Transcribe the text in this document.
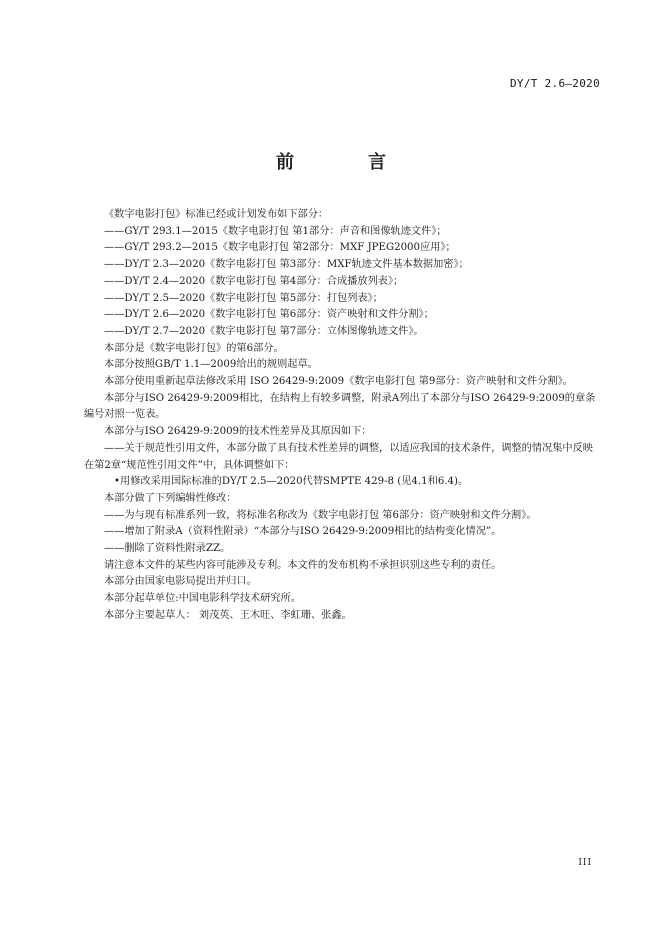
DY/T 2.6—2020
前　言

《数字电影打包》标准已经或计划发布如下部分：

——GY/T 293.1—2015《数字电影打包 第1部分：声音和图像轨迹文件》；

——GY/T 293.2—2015《数字电影打包 第2部分：MXF JPEG2000应用》；

——DY/T 2.3—2020《数字电影打包 第3部分：MXF轨迹文件基本数据加密》；

——DY/T 2.4—2020《数字电影打包 第4部分：合成播放列表》；

——DY/T 2.5—2020《数字电影打包 第5部分：打包列表》；

——DY/T 2.6—2020《数字电影打包 第6部分：资产映射和文件分割》；

——DY/T 2.7—2020《数字电影打包 第7部分：立体图像轨迹文件》。

本部分是《数字电影打包》的第6部分。

本部分按照GB/T 1.1—2009给出的规则起草。

本部分使用重新起草法修改采用 ISO 26429-9:2009《数字电影打包 第9部分：资产映射和文件分割》。

本部分与ISO 26429-9:2009相比，在结构上有较多调整，附录A列出了本部分与ISO 26429-9:2009的章条编号对照一览表。

本部分与ISO 26429-9:2009的技术性差异及其原因如下：

——关于规范性引用文件，本部分做了具有技术性差异的调整，以适应我国的技术条件，调整的情况集中反映在第2章“规范性引用文件”中，具体调整如下：

•用修改采用国际标准的DY/T 2.5—2020代替SMPTE 429-8 (见4.1和6.4)。

本部分做了下列编辑性修改：

——为与现有标准系列一致，将标准名称改为《数字电影打包 第6部分：资产映射和文件分割》。

——增加了附录A（资料性附录）“本部分与ISO 26429-9:2009相比的结构变化情况”。

——删除了资料性附录ZZ。

请注意本文件的某些内容可能涉及专利。本文件的发布机构不承担识别这些专利的责任。

本部分由国家电影局提出并归口。

本部分起草单位:中国电影科学技术研究所。

本部分主要起草人： 刘茂英、王木旺、李虹珊、张鑫。

III
